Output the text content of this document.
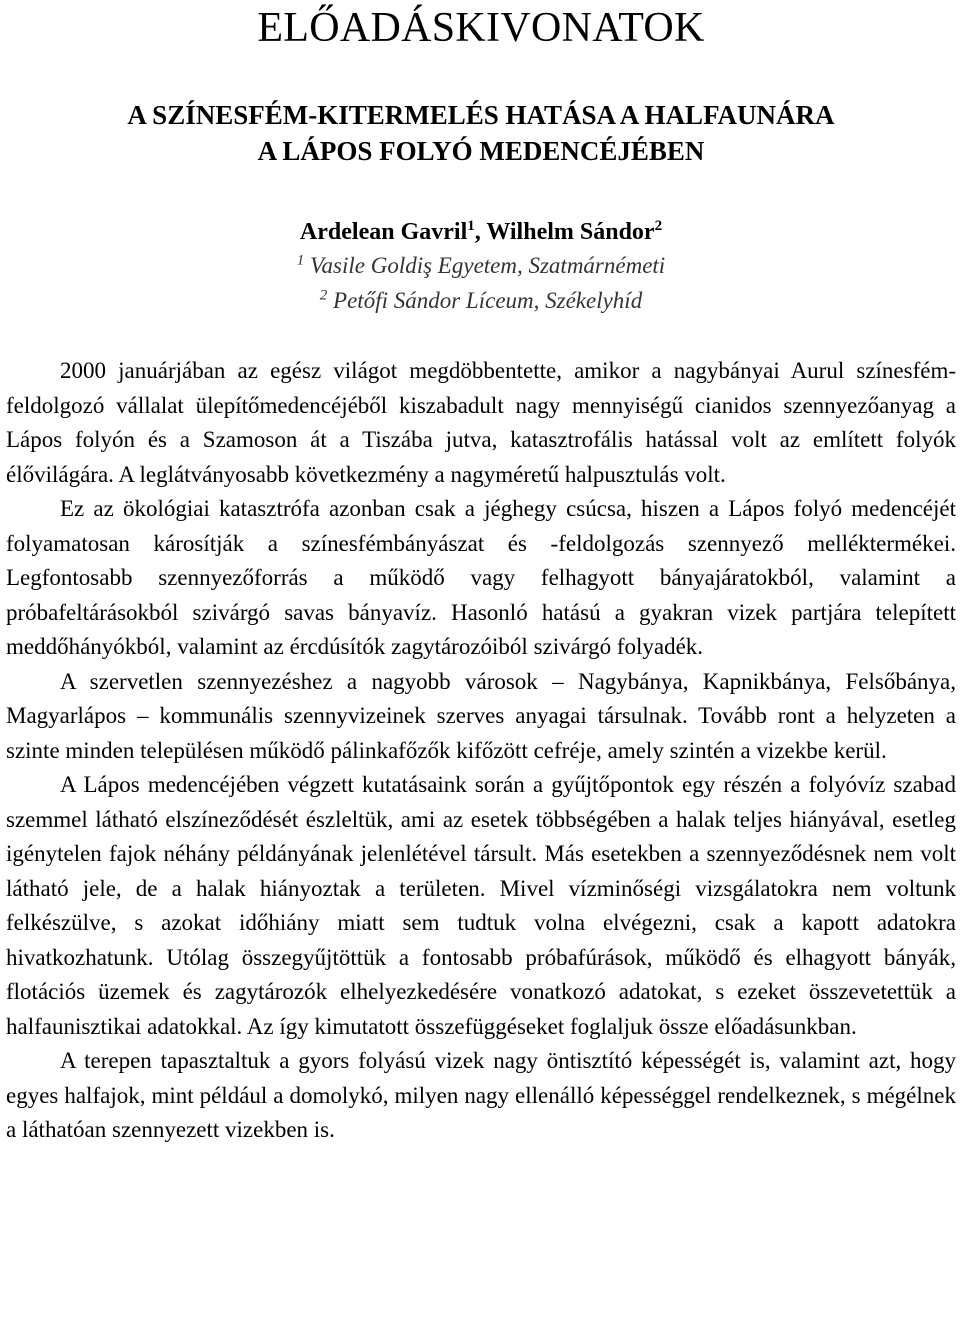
ELŐADÁSKIVONATOK
A SZÍNESFÉM-KITERMELÉS HATÁSA A HALFAUNÁRA
A LÁPOS FOLYÓ MEDENCÉJÉBEN

Ardelean Gavril$^1$, Wilhelm Sándor$^2$

$^1$ Vasile Goldiş Egyetem, Szatmárnémeti

$^2$ Petőfi Sándor Líceum, Székelyhíd

2000 januárjában az egész világot megdöbbentette, amikor a nagybányai Aurul színesfém-feldolgozó vállalat ülepítőmedencéjéből kiszabadult nagy mennyiségű cianidos szennyezőanyag a Lápos folyón és a Szamoson át a Tiszába jutva, katasztrofális hatással volt az említett folyók élővilágára. A leglátványosabb következmény a nagyméretű halpusztulás volt.

Ez az ökológiai katasztrófa azonban csak a jéghegy csúcsa, hiszen a Lápos folyó medencéjét folyamatosan károsítják a színesfémbányászat és -feldolgozás szennyező melléktermékei. Legfontosabb szennyezőforrás a működő vagy felhagyott bányajáratokból, valamint a próbafeltárásokból szivárgó savas bányavíz. Hasonló hatású a gyakran vizek partjára telepített meddőhányókból, valamint az ércdúsítók zagytározóiból szivárgó folyadék.

A szervetlen szennyezéshez a nagyobb városok – Nagybánya, Kapnikbánya, Felsőbánya, Magyarlápos – kommunális szennyvizeinek szerves anyagai társulnak. Tovább ront a helyzeten a szinte minden településen működő pálinkafőzők kifőzött cefréje, amely szintén a vizekbe kerül.

A Lápos medencéjében végzett kutatásaink során a gyűjtőpontok egy részén a folyóvíz szabad szemmel látható elszíneződését észleltük, ami az esetek többségében a halak teljes hiányával, esetleg igénytelen fajok néhány példányának jelenlétével társult. Más esetekben a szennyeződésnek nem volt látható jele, de a halak hiányoztak a területen. Mivel vízminőségi vizsgálatokra nem voltunk felkészülve, s azokat időhiány miatt sem tudtuk volna elvégezni, csak a kapott adatokra hivatkozhatunk. Utólag összegyűjtöttük a fontosabb próbafúrások, működő és elhagyott bányák, flotációs üzemek és zagytározók elhelyezkedésére vonatkozó adatokat, s ezeket összevetettük a halfaunisztikai adatokkal. Az így kimutatott összefüggéseket foglaljuk össze előadásunkban.

A terepen tapasztaltuk a gyors folyású vizek nagy öntisztító képességét is, valamint azt, hogy egyes halfajok, mint például a domolykó, milyen nagy ellenálló képességgel rendelkeznek, s mégélnek a láthatóan szennyezett vizekben is.
